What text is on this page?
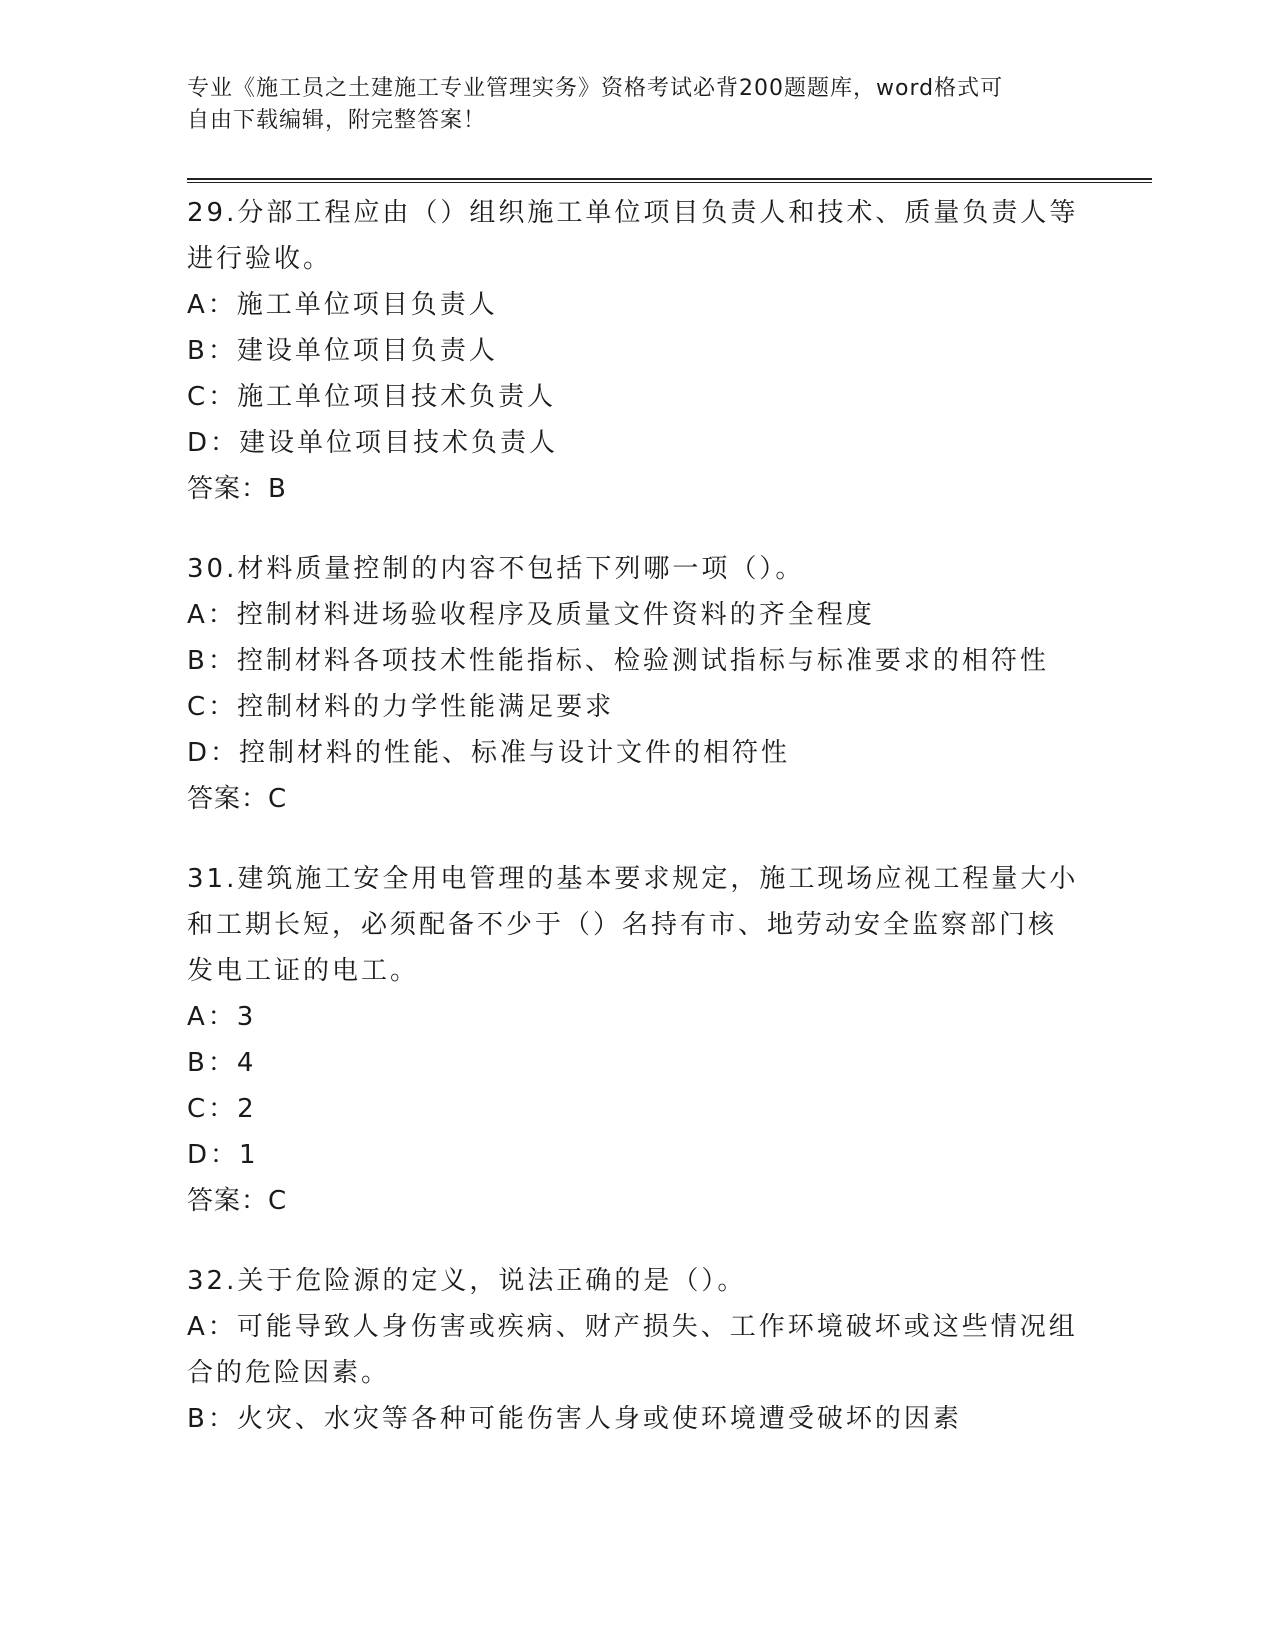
专业《施工员之土建施工专业管理实务》资格考试必背200题题库，word格式可
自由下载编辑，附完整答案！
29.分部工程应由（）组织施工单位项目负责人和技术、质量负责人等
进行验收。
A：施工单位项目负责人
B：建设单位项目负责人
C：施工单位项目技术负责人
D：建设单位项目技术负责人
答案：B
30.材料质量控制的内容不包括下列哪一项（）。
A：控制材料进场验收程序及质量文件资料的齐全程度
B：控制材料各项技术性能指标、检验测试指标与标准要求的相符性
C：控制材料的力学性能满足要求
D：控制材料的性能、标准与设计文件的相符性
答案：C
31.建筑施工安全用电管理的基本要求规定，施工现场应视工程量大小
和工期长短，必须配备不少于（）名持有市、地劳动安全监察部门核
发电工证的电工。
A：3
B：4
C：2
D：1
答案：C
32.关于危险源的定义，说法正确的是（）。
A：可能导致人身伤害或疾病、财产损失、工作环境破坏或这些情况组
合的危险因素。
B：火灾、水灾等各种可能伤害人身或使环境遭受破坏的因素
